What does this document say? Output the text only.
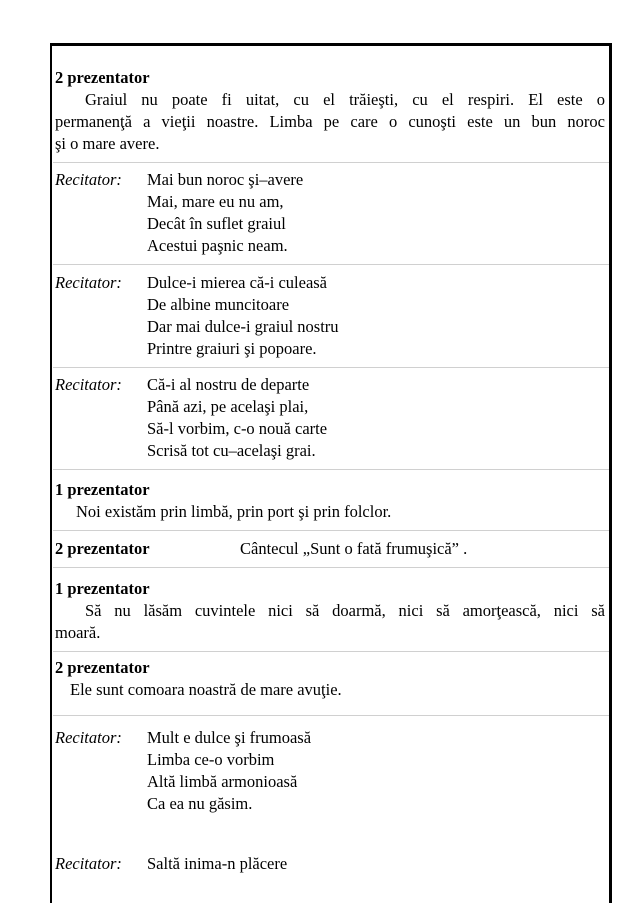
2 prezentator
Graiul nu poate fi uitat, cu el trăieşti, cu el respiri. El este o
permanenţă a vieţii noastre. Limba pe care o cunoşti este un bun noroc
şi o mare avere.
Recitator: Mai bun noroc şi–avere
Mai, mare eu nu am,
Decât în suflet graiul
Acestui paşnic neam.
Recitator: Dulce-i mierea că-i culeasă
De albine muncitoare
Dar mai dulce-i graiul nostru
Printre graiuri şi popoare.
Recitator: Că-i al nostru de departe
Până azi, pe acelaşi plai,
Să-l vorbim, c-o nouă carte
Scrisă tot cu–acelaşi grai.
1 prezentator
Noi existăm prin limbă, prin port şi prin folclor.
2 prezentator	Cântecul „Sunt o fată frumuşică” .
1 prezentator
Să nu lăsăm cuvintele nici să doarmă, nici să amorţească, nici să
moară.
2 prezentator
Ele sunt comoara noastră de mare avuţie.
Recitator: Mult e dulce şi frumoasă
Limba ce-o vorbim
Altă limbă armonioasă
Ca ea nu găsim.
Recitator: Saltă inima-n plăcere
